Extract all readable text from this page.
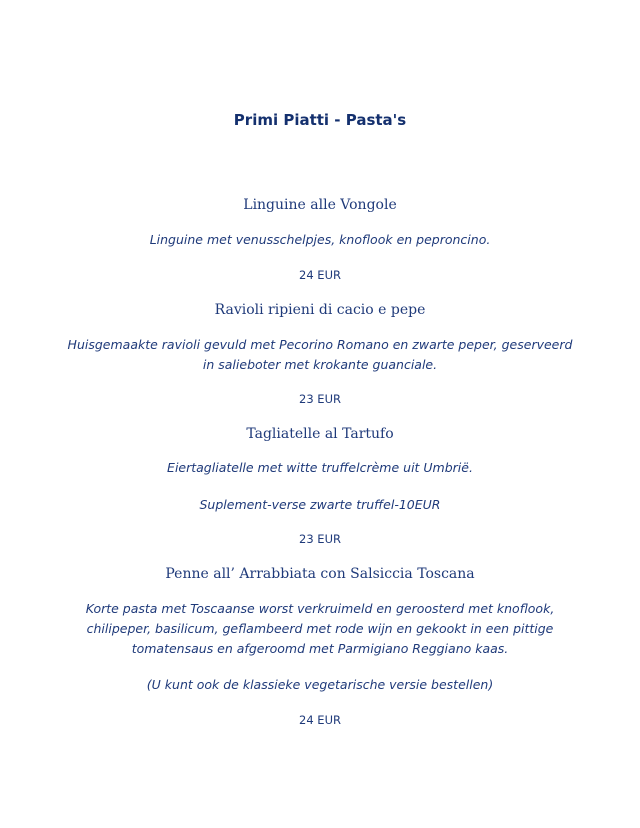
Primi Piatti - Pasta's

Linguine alle Vongole

Linguine met venusschelpjes, knoflook en peproncino.

24 EUR

Ravioli ripieni di cacio e pepe

Huisgemaakte ravioli gevuld met Pecorino Romano en zwarte peper, geserveerd in salieboter met krokante guanciale.

23 EUR

Tagliatelle al Tartufo

Eiertagliatelle met witte truffelcrème uit Umbrië.

Suplement-verse zwarte truffel-10EUR

23 EUR

Penne all’ Arrabbiata con Salsiccia Toscana

Korte pasta met Toscaanse worst verkruimeld en geroosterd met knoflook, chilipeper, basilicum, geflambeerd met rode wijn en gekookt in een pittige tomatensaus en afgeroomd met Parmigiano Reggiano kaas.

(U kunt ook de klassieke vegetarische versie bestellen)

24 EUR
